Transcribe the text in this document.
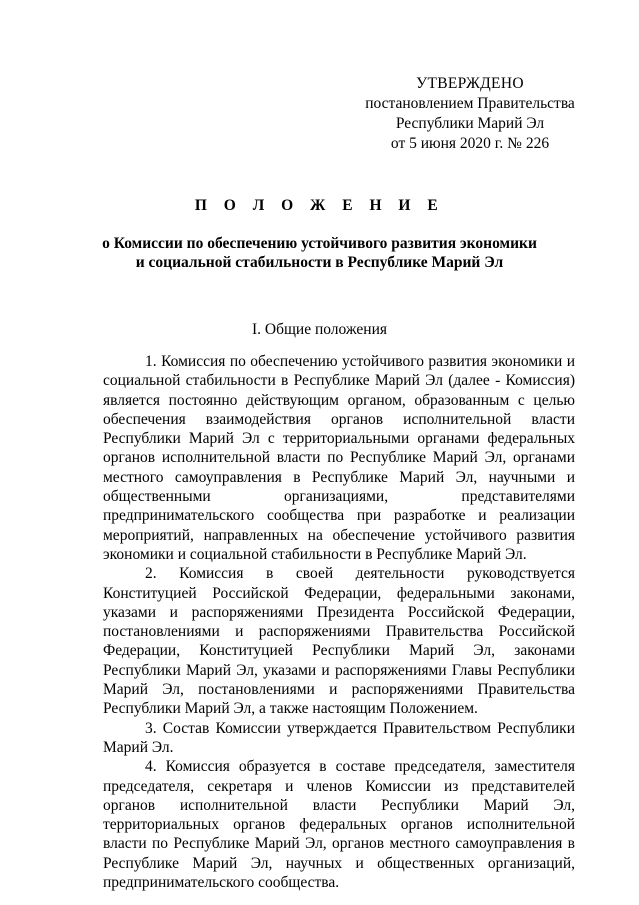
УТВЕРЖДЕНО
постановлением Правительства
Республики Марий Эл
от 5 июня 2020 г. № 226
П О Л О Ж Е Н И Е
о Комиссии по обеспечению устойчивого развития экономики
и социальной стабильности в Республике Марий Эл
I. Общие положения

1. Комиссия по обеспечению устойчивого развития экономики и социальной стабильности в Республике Марий Эл (далее - Комиссия) является постоянно действующим органом, образованным с целью обеспечения взаимодействия органов исполнительной власти Республики Марий Эл с территориальными органами федеральных органов исполнительной власти по Республике Марий Эл, органами местного самоуправления в Республике Марий Эл, научными и общественными организациями, представителями предпринимательского сообщества при разработке и реализации мероприятий, направленных на обеспечение устойчивого развития экономики и социальной стабильности в Республике Марий Эл.

2. Комиссия в своей деятельности руководствуется Конституцией Российской Федерации, федеральными законами, указами и распоряжениями Президента Российской Федерации, постановлениями и распоряжениями Правительства Российской Федерации, Конституцией Республики Марий Эл, законами Республики Марий Эл, указами и распоряжениями Главы Республики Марий Эл, постановлениями и распоряжениями Правительства Республики Марий Эл, а также настоящим Положением.

3. Состав Комиссии утверждается Правительством Республики Марий Эл.

4. Комиссия образуется в составе председателя, заместителя председателя, секретаря и членов Комиссии из представителей органов исполнительной власти Республики Марий Эл, территориальных органов федеральных органов исполнительной власти по Республике Марий Эл, органов местного самоуправления в Республике Марий Эл, научных и общественных организаций, предпринимательского сообщества.
